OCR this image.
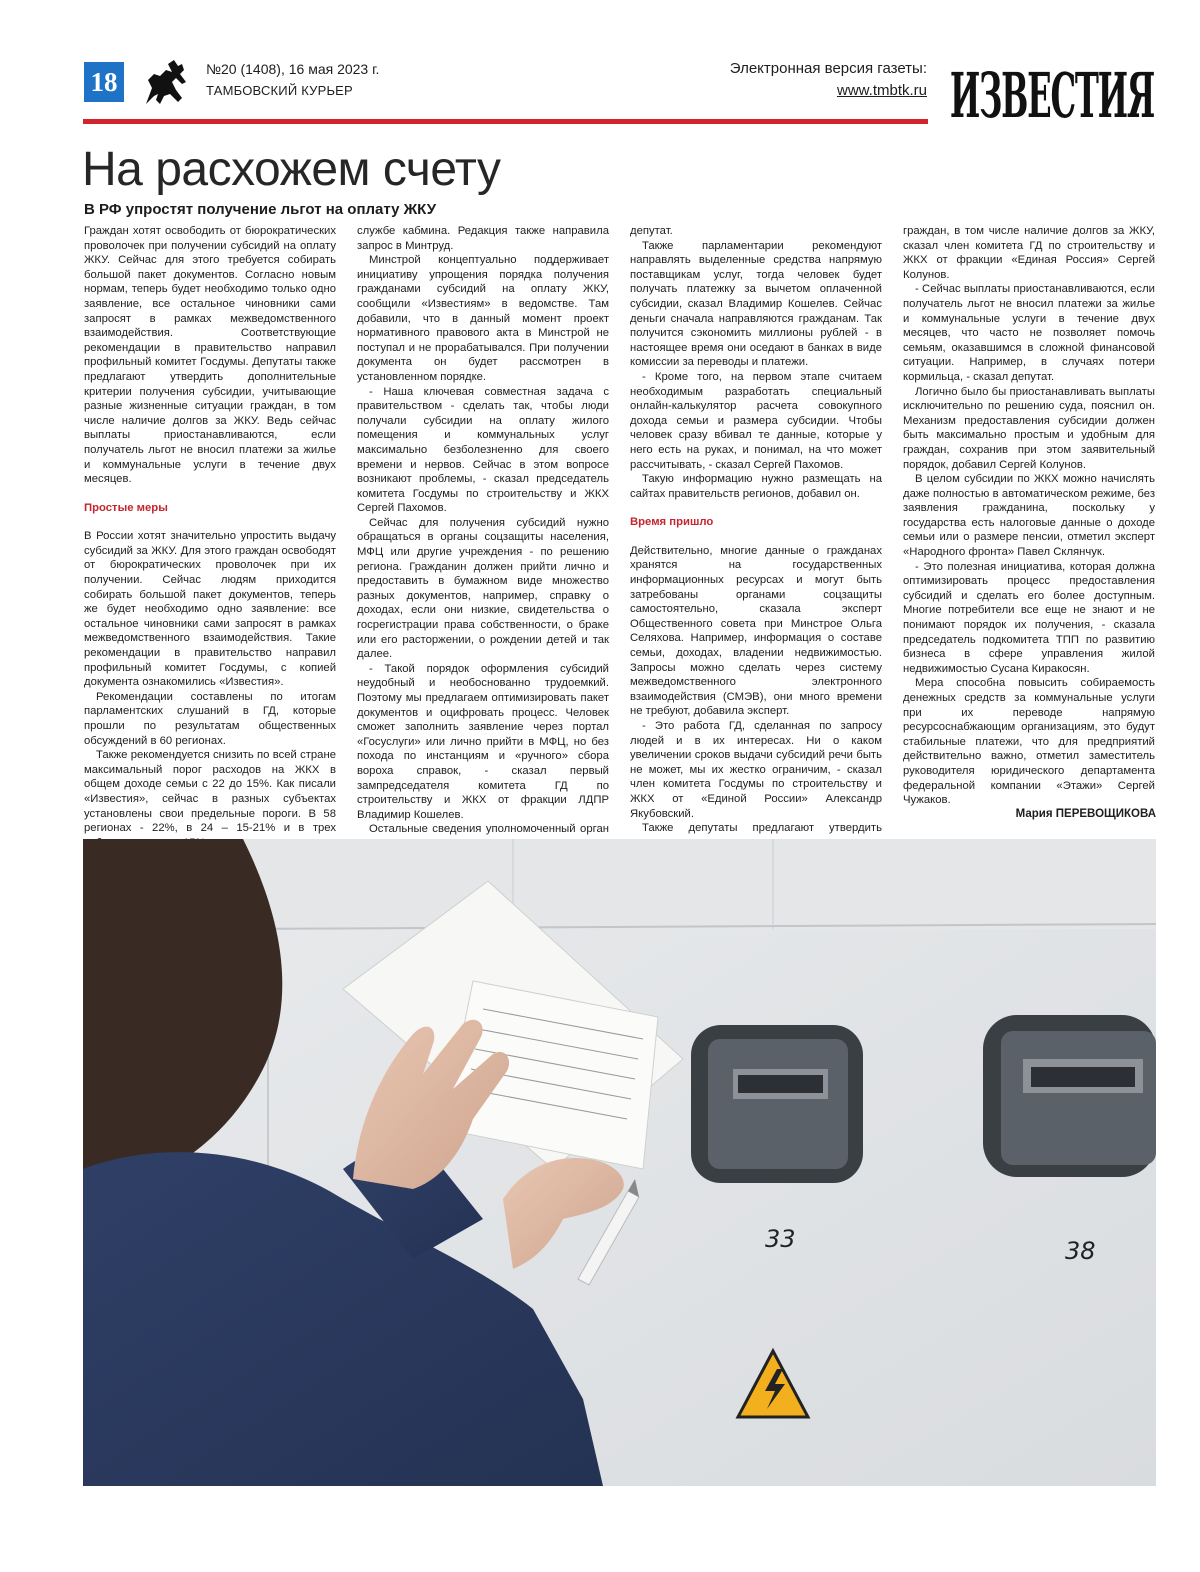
18	№20 (1408), 16 мая 2023 г.
ТАМБОВСКИЙ КУРЬЕР
Электронная версия газеты:
www.tmbtk.ru ИЗВЕСТИЯ
На расхожем счету
В РФ упростят получение льгот на оплату ЖКУ

Граждан хотят освободить от бюрократических проволочек при получении субсидий на оплату ЖКУ. Сейчас для этого требуется собирать большой пакет документов. Согласно новым нормам, теперь будет необходимо только одно заявление, все остальное чиновники сами запросят в рамках межведомственного взаимодействия. Соответствующие рекомендации в правительство направил профильный комитет Госдумы. Депутаты также предлагают утвердить дополнительные критерии получения субсидии, учитывающие разные жизненные ситуации граждан, в том числе наличие долгов за ЖКУ. Ведь сейчас выплаты приостанавливаются, если получатель льгот не вносил платежи за жилье и коммунальные услуги в течение двух месяцев.

Простые меры

В России хотят значительно упростить выдачу субсидий за ЖКУ. Для этого граждан освободят от бюрократических проволочек при их получении. Сейчас людям приходится собирать большой пакет документов, теперь же будет необходимо одно заявление: все остальное чиновники сами запросят в рамках межведомственного взаимодействия. Такие рекомендации в правительство направил профильный комитет Госдумы, с копией документа ознакомились «Известия».

Рекомендации составлены по итогам парламентских слушаний в ГД, которые прошли по результатам общественных обсуждений в 60 регионах.

Также рекомендуется снизить по всей стране максимальный порог расходов на ЖКХ в общем доходе семьи с 22 до 15%. Как писали «Известия», сейчас в разных субъектах установлены свои предельные пороги. В 58 регионах - 22%, в 24 – 15-21% и в трех

службе кабмина. Редакция также направила запрос в Минтруд.

Минстрой концептуально поддерживает инициативу упрощения порядка получения гражданами субсидий на оплату ЖКУ, сообщили «Известиям» в ведомстве. Там добавили, что в данный момент проект нормативного правового акта в Минстрой не поступал и не прорабатывался. При получении документа он будет рассмотрен в установленном порядке.

- Наша ключевая совместная задача с правительством - сделать так, чтобы люди получали субсидии на оплату жилого помещения и коммунальных услуг максимально безболезненно для своего времени и нервов. Сейчас в этом вопросе возникают проблемы, - сказал председатель комитета Госдумы по строительству и ЖКХ Сергей Пахомов.

Сейчас для получения субсидий нужно обращаться в органы соцзащиты населения, МФЦ или другие учреждения - по решению региона. Гражданин должен прийти лично и предоставить в бумажном виде множество разных документов, например, справку о доходах, если они низкие, свидетельства о госрегистрации права собственности, о браке или его расторжении, о рождении детей и так далее.

- Такой порядок оформления субсидий неудобный и необоснованно трудоемкий. Поэтому мы предлагаем оптимизировать пакет документов и оцифровать процесс. Человек сможет заполнить заявление через портал «Госуслуги» или лично прийти в МФЦ, но без похода по инстанциям и «ручного» сбора вороха справок, - сказал первый зампредседателя комитета ГД по строительству и ЖКХ от фракции ЛДПР Владимир Кошелев.

Остальные сведения уполномоченный орган

депутат.

Также парламентарии рекомендуют направлять выделенные средства напрямую поставщикам услуг, тогда человек будет получать платежку за вычетом оплаченной субсидии, сказал Владимир Кошелев. Сейчас деньги сначала направляются гражданам. Так получится сэкономить миллионы рублей - в настоящее время они оседают в банках в виде комиссии за переводы и платежи.

- Кроме того, на первом этапе считаем необходимым разработать специальный онлайн-калькулятор расчета совокупного дохода семьи и размера субсидии. Чтобы человек сразу вбивал те данные, которые у него есть на руках, и понимал, на что может рассчитывать, - сказал Сергей Пахомов.

Такую информацию нужно размещать на сайтах правительств регионов, добавил он.

Время пришло

Действительно, многие данные о гражданах хранятся на государственных информационных ресурсах и могут быть затребованы органами соцзащиты самостоятельно, сказала эксперт Общественного совета при Минстрое Ольга Селяхова. Например, информация о составе семьи, доходах, владении недвижимостью. Запросы можно сделать через систему межведомственного электронного взаимодействия (СМЭВ), они много времени не требуют, добавила эксперт.

- Это работа ГД, сделанная по запросу людей и в их интересах. Ни о каком увеличении сроков выдачи субсидий речи быть не может, мы их жестко ограничим, - сказал член комитета Госдумы по строительству и ЖКХ от «Единой России» Александр Якубовский.

Также депутаты предлагают утвердить

граждан, в том числе наличие долгов за ЖКУ, сказал член комитета ГД по строительству и ЖКХ от фракции «Единая Россия» Сергей Колунов.

- Сейчас выплаты приостанавливаются, если получатель льгот не вносил платежи за жилье и коммунальные услуги в течение двух месяцев, что часто не позволяет помочь семьям, оказавшимся в сложной финансовой ситуации. Например, в случаях потери кормильца, - сказал депутат.

Логично было бы приостанавливать выплаты исключительно по решению суда, пояснил он. Механизм предоставления субсидии должен быть максимально простым и удобным для граждан, сохранив при этом заявительный порядок, добавил Сергей Колунов.

В целом субсидии по ЖКХ можно начислять даже полностью в автоматическом режиме, без заявления гражданина, поскольку у государства есть налоговые данные о доходе семьи или о размере пенсии, отметил эксперт «Народного фронта» Павел Склянчук.

- Это полезная инициатива, которая должна оптимизировать процесс предоставления субсидий и сделать его более доступным. Многие потребители все еще не знают и не понимают порядок их получения, - сказала председатель подкомитета ТПП по развитию бизнеса в сфере управления жилой недвижимостью Сусана Киракосян.

Мера способна повысить собираемость денежных средств за коммунальные услуги при их переводе напрямую ресурсоснабжающим организациям, это будут стабильные платежи, что для предприятий действительно важно, отметил заместитель руководителя юридического департамента федеральной компании «Этажи» Сергей Чужаков.

Мария ПЕРЕВОЩИКОВА
33	38
